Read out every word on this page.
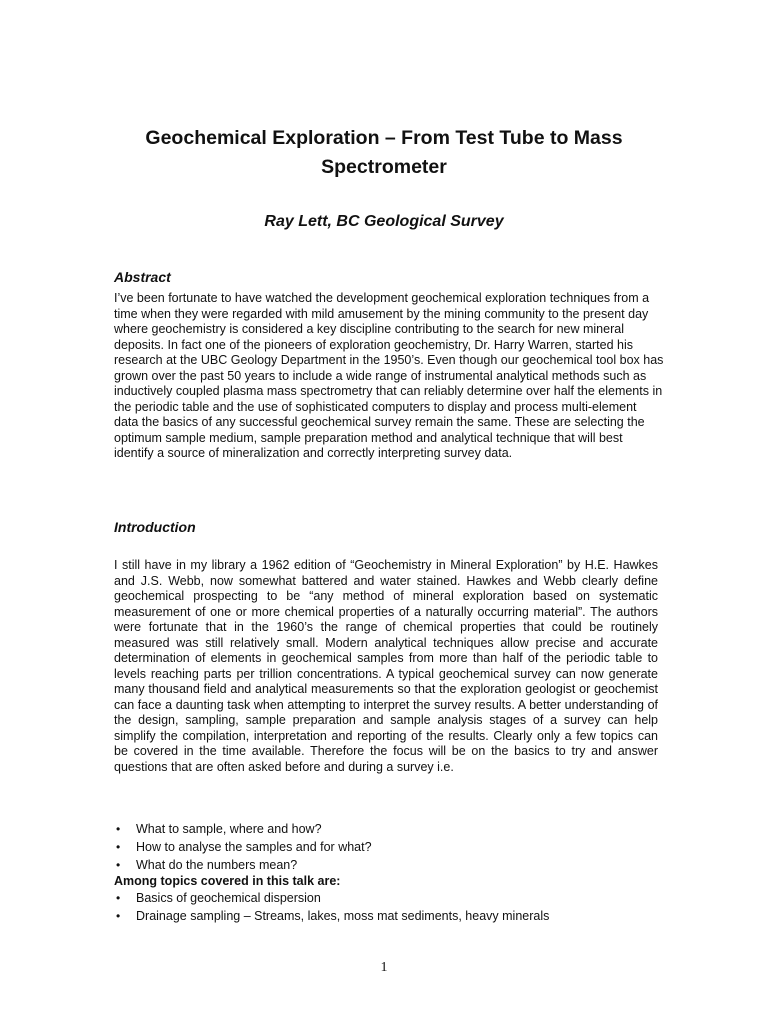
Geochemical Exploration – From Test Tube to Mass
Spectrometer
Ray Lett, BC Geological Survey
Abstract

I’ve been fortunate to have watched the development geochemical exploration techniques from a time when they were regarded with mild amusement by the mining community to the present day where geochemistry is considered a key discipline contributing to the search for new mineral deposits. In fact one of the pioneers of exploration geochemistry, Dr. Harry Warren, started his research at the UBC Geology Department in the 1950’s. Even though our geochemical tool box has grown over the past 50 years to include a wide range of instrumental analytical methods such as inductively coupled plasma mass spectrometry that can reliably determine over half the elements in the periodic table and the use of sophisticated computers to display and process multi-element data the basics of any successful geochemical survey remain the same. These are selecting the optimum sample medium, sample preparation method and analytical technique that will best identify a source of mineralization and correctly interpreting survey data.

Introduction

I still have in my library a 1962 edition of “Geochemistry in Mineral Exploration” by H.E. Hawkes and J.S. Webb, now somewhat battered and water stained. Hawkes and Webb clearly define geochemical prospecting to be “any method of mineral exploration based on systematic measurement of one or more chemical properties of a naturally occurring material”. The authors were fortunate that in the 1960’s the range of chemical properties that could be routinely measured was still relatively small. Modern analytical techniques allow precise and accurate determination of elements in geochemical samples from more than half of the periodic table to levels reaching parts per trillion concentrations. A typical geochemical survey can now generate many thousand field and analytical measurements so that the exploration geologist or geochemist can face a daunting task when attempting to interpret the survey results. A better understanding of the design, sampling, sample preparation and sample analysis stages of a survey can help simplify the compilation, interpretation and reporting of the results. Clearly only a few topics can be covered in the time available. Therefore the focus will be on the basics to try and answer questions that are often asked before and during a survey i.e.

• What to sample, where and how?
• How to analyse the samples and for what?
• What do the numbers mean?
Among topics covered in this talk are:
• Basics of geochemical dispersion
• Drainage sampling – Streams, lakes, moss mat sediments, heavy minerals
1
